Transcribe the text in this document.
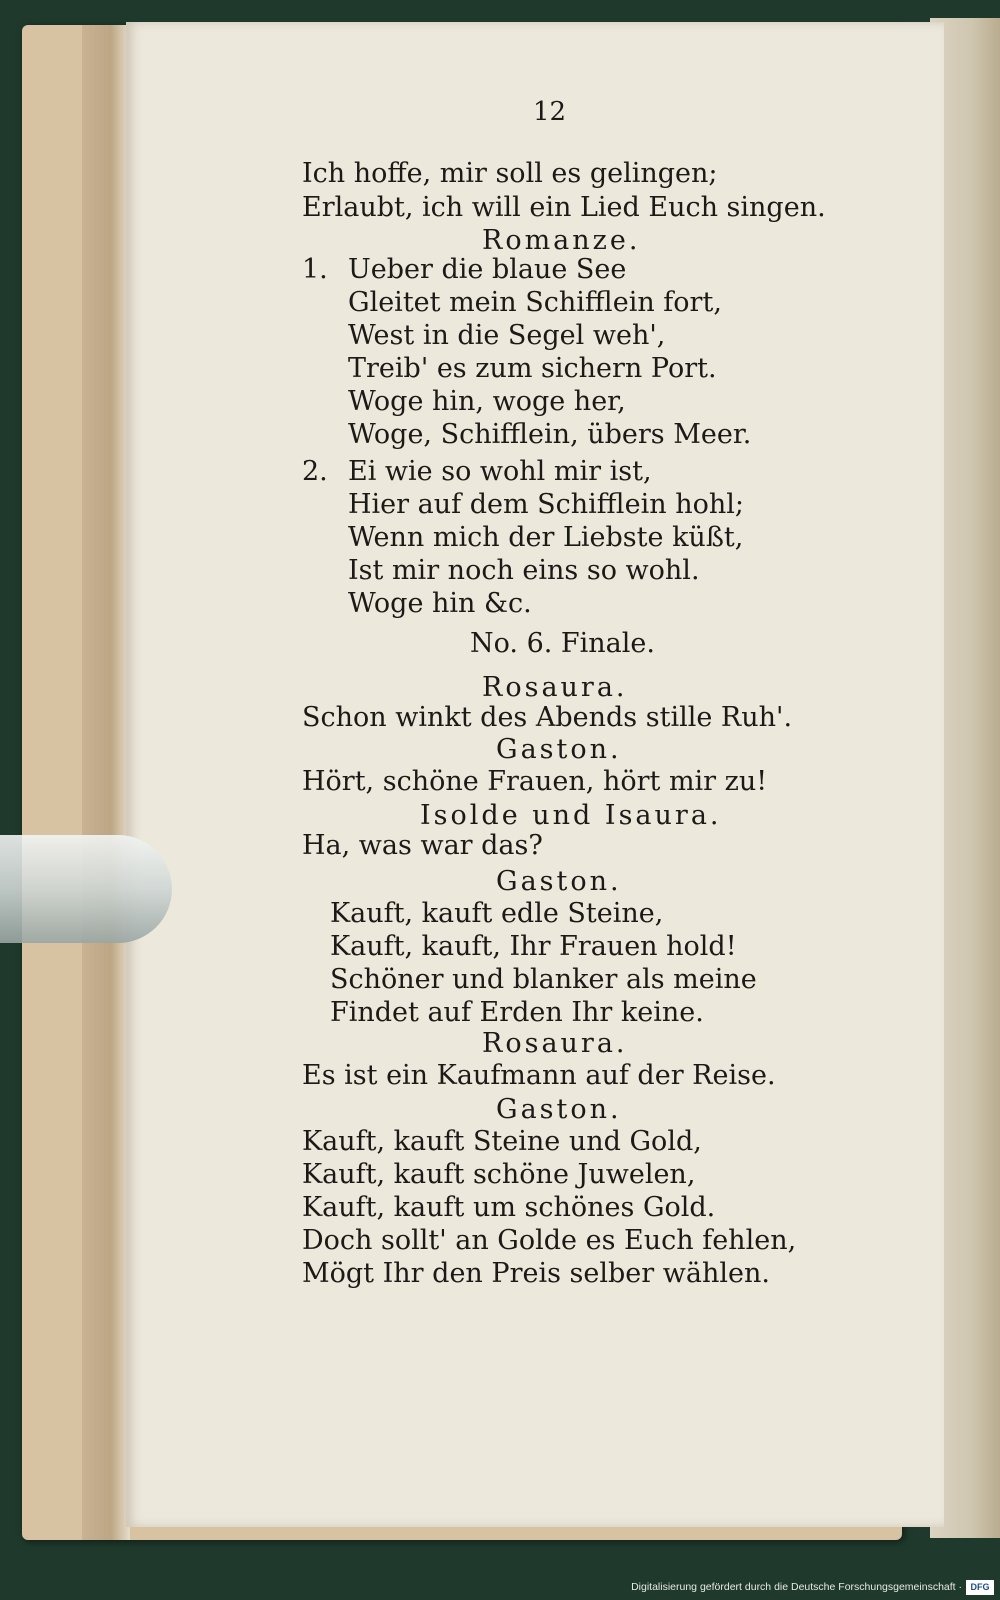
12
Ich hoffe, mir soll es gelingen;
Erlaubt, ich will ein Lied Euch singen.
Romanze.
1. Ueber die blaue See
Gleitet mein Schifflein fort,
West in die Segel weh',
Treib' es zum sichern Port.
Woge hin, woge her,
Woge, Schifflein, übers Meer.
2. Ei wie so wohl mir ist,
Hier auf dem Schifflein hohl;
Wenn mich der Liebste küßt,
Ist mir noch eins so wohl.
Woge hin &c.
No. 6. Finale.
Rosaura.
Schon winkt des Abends stille Ruh'.
Gaston.
Hört, schöne Frauen, hört mir zu!
Isolde und Isaura.
Ha, was war das?
Gaston.
Kauft, kauft edle Steine,
Kauft, kauft, Ihr Frauen hold!
Schöner und blanker als meine
Findet auf Erden Ihr keine.
Rosaura.
Es ist ein Kaufmann auf der Reise.
Gaston.
Kauft, kauft Steine und Gold,
Kauft, kauft schöne Juwelen,
Kauft, kauft um schönes Gold.
Doch sollt' an Golde es Euch fehlen,
Mögt Ihr den Preis selber wählen.
Digitalisierung gefördert durch die Deutsche Forschungsgemeinschaft · DFG
